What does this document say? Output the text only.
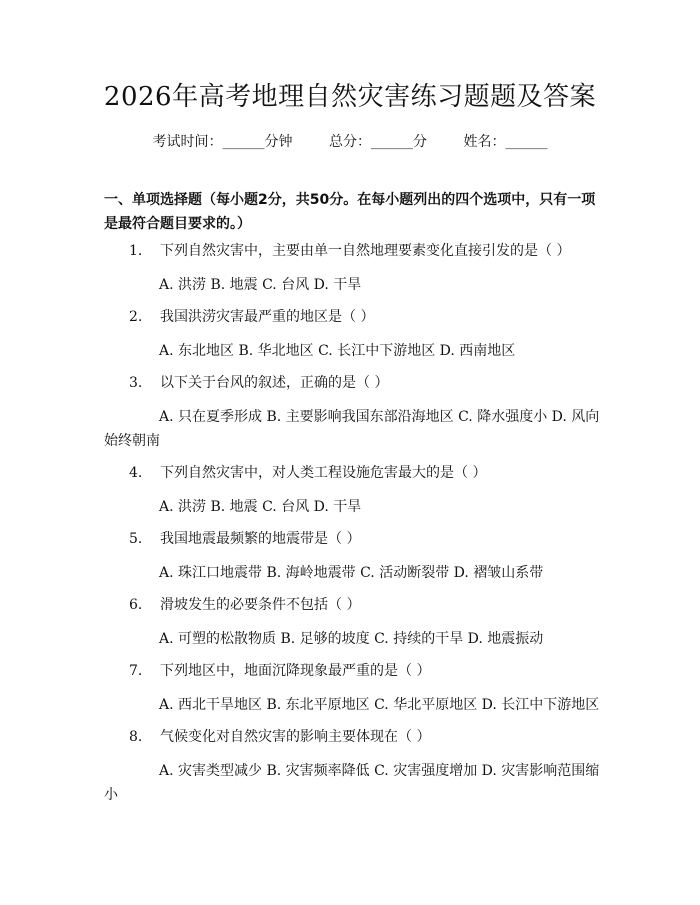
2026年高考地理自然灾害练习题题及答案
考试时间：______分钟	总分：______分	姓名：______
一、单项选择题（每小题2分，共50分。在每小题列出的四个选项中，只有一项是最符合题目要求的。）
1.	下列自然灾害中，主要由单一自然地理要素变化直接引发的是（ ）
A. 洪涝 B. 地震 C. 台风 D. 干旱
2.	我国洪涝灾害最严重的地区是（ ）
A. 东北地区 B. 华北地区 C. 长江中下游地区 D. 西南地区
3.	以下关于台风的叙述，正确的是（ ）
A. 只在夏季形成 B. 主要影响我国东部沿海地区 C. 降水强度小 D. 风向始终朝南
4.	下列自然灾害中，对人类工程设施危害最大的是（ ）
A. 洪涝 B. 地震 C. 台风 D. 干旱
5.	我国地震最频繁的地震带是（ ）
A. 珠江口地震带 B. 海岭地震带 C. 活动断裂带 D. 褶皱山系带
6.	滑坡发生的必要条件不包括（ ）
A. 可塑的松散物质 B. 足够的坡度 C. 持续的干旱 D. 地震振动
7.	下列地区中，地面沉降现象最严重的是（ ）
A. 西北干旱地区 B. 东北平原地区 C. 华北平原地区 D. 长江中下游地区
8.	气候变化对自然灾害的影响主要体现在（ ）
A. 灾害类型减少 B. 灾害频率降低 C. 灾害强度增加 D. 灾害影响范围缩小
